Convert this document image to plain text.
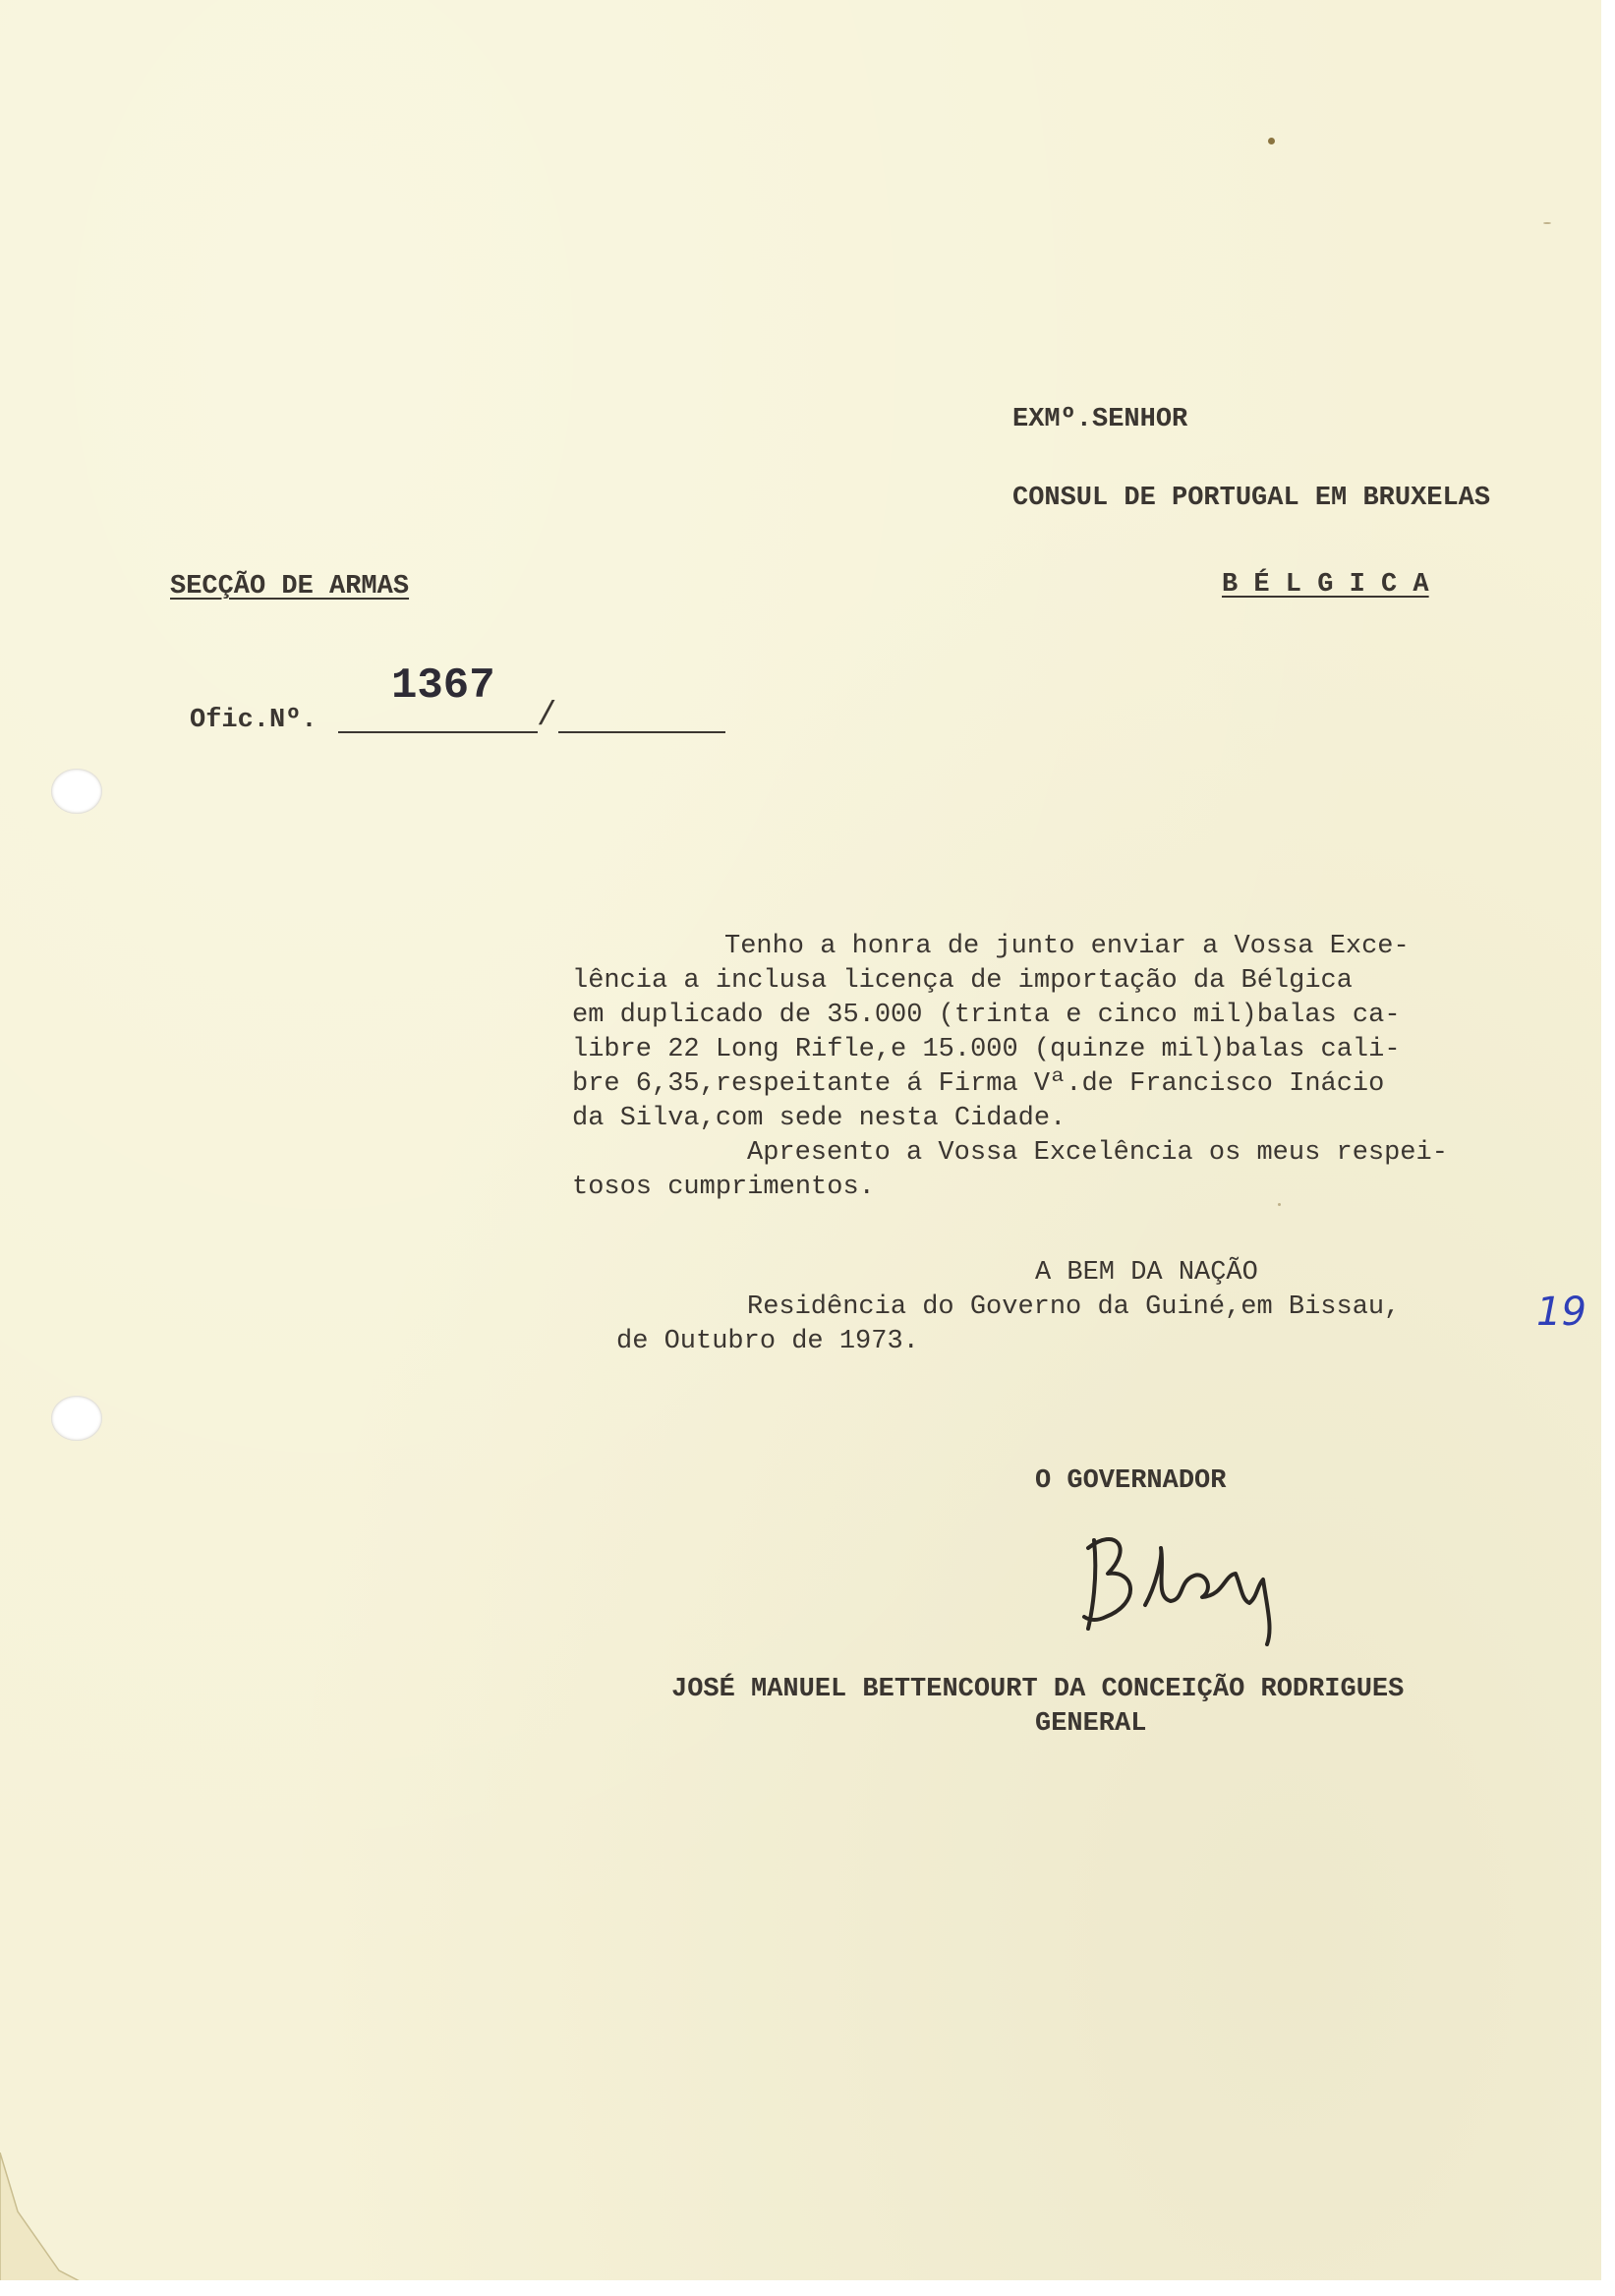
EXMº.SENHOR
CONSUL DE PORTUGAL EM BRUXELAS
B É L G I C A
SECÇÃO DE ARMAS
Ofic.Nº.
1367
/
Tenho a honra de junto enviar a Vossa Exce-
lência a inclusa licença de importação da Bélgica
em duplicado de 35.000 (trinta e cinco mil)balas ca-
libre 22 Long Rifle,e 15.000 (quinze mil)balas cali-
bre 6,35,respeitante á Firma Vª.de Francisco Inácio
da Silva,com sede nesta Cidade.
Apresento a Vossa Excelência os meus respei-
tosos cumprimentos.
A BEM DA NAÇÃO
Residência do Governo da Guiné,em Bissau,	19
de Outubro de 1973.
O GOVERNADOR
JOSÉ MANUEL BETTENCOURT DA CONCEIÇÃO RODRIGUES
GENERAL
